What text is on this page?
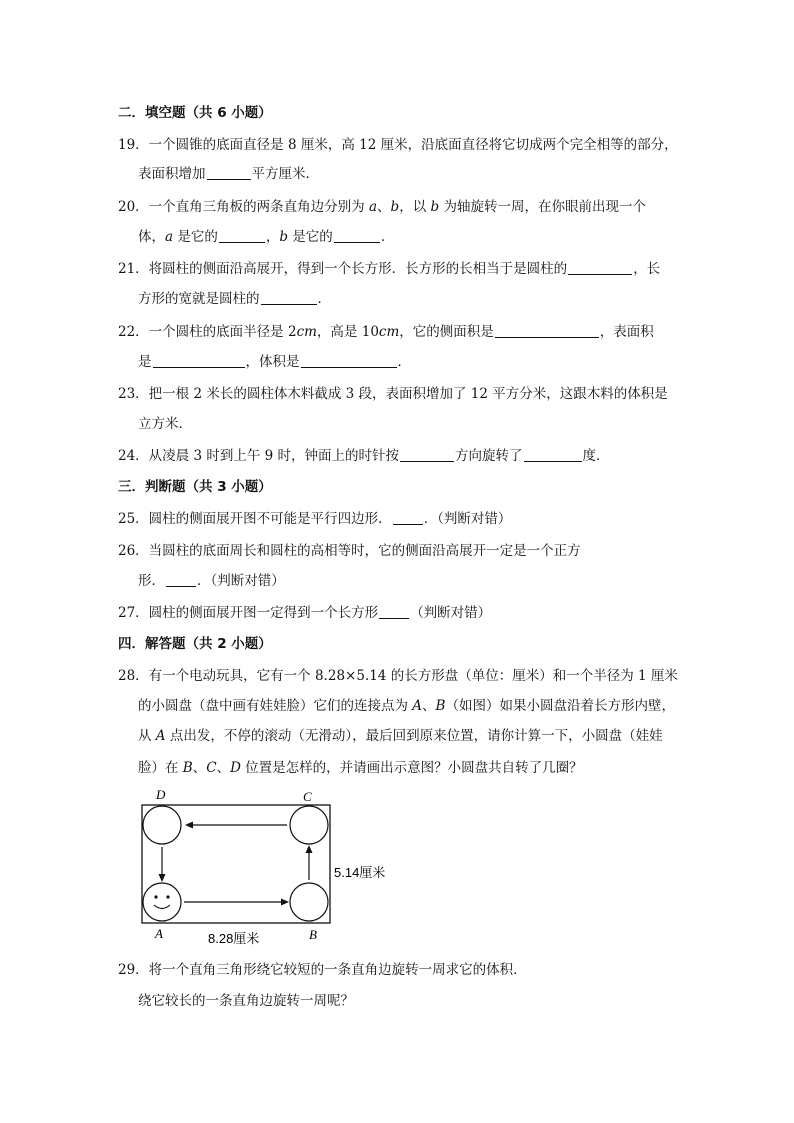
二．填空题（共 6 小题）
19．一个圆锥的底面直径是 8 厘米，高 12 厘米，沿底面直径将它切成两个完全相等的部分，
表面积增加	平方厘米．
20．一个直角三角板的两条直角边分别为 a、b，以 b 为轴旋转一周，在你眼前出现一个
体，a 是它的	，b 是它的	．
21．将圆柱的侧面沿高展开，得到一个长方形．长方形的长相当于是圆柱的	，长
方形的宽就是圆柱的	．
22．一个圆柱的底面半径是 2cm，高是 10cm，它的侧面积是	，表面积
是	，体积是	．
23．把一根 2 米长的圆柱体木料截成 3 段，表面积增加了 12 平方分米，这跟木料的体积是
立方米．
24．从凌晨 3 时到上午 9 时，钟面上的时针按	方向旋转了	度．
三．判断题（共 3 小题）
25．圆柱的侧面展开图不可能是平行四边形． ．（判断对错）
26．当圆柱的底面周长和圆柱的高相等时，它的侧面沿高展开一定是一个正方
形． ．（判断对错）
27．圆柱的侧面展开图一定得到一个长方形 （判断对错）
四．解答题（共 2 小题）
28．有一个电动玩具，它有一个 8.28×5.14 的长方形盘（单位：厘米）和一个半径为 1 厘米
的小圆盘（盘中画有娃娃脸）它们的连接点为 A、B（如图）如果小圆盘沿着长方形内壁，
从 A 点出发，不停的滚动（无滑动），最后回到原来位置，请你计算一下，小圆盘（娃娃
脸）在 B、C、D 位置是怎样的，并请画出示意图？小圆盘共自转了几圈？
D	C
A	B
8.28厘米
5.14厘米
29．将一个直角三角形绕它较短的一条直角边旋转一周求它的体积．
绕它较长的一条直角边旋转一周呢？
